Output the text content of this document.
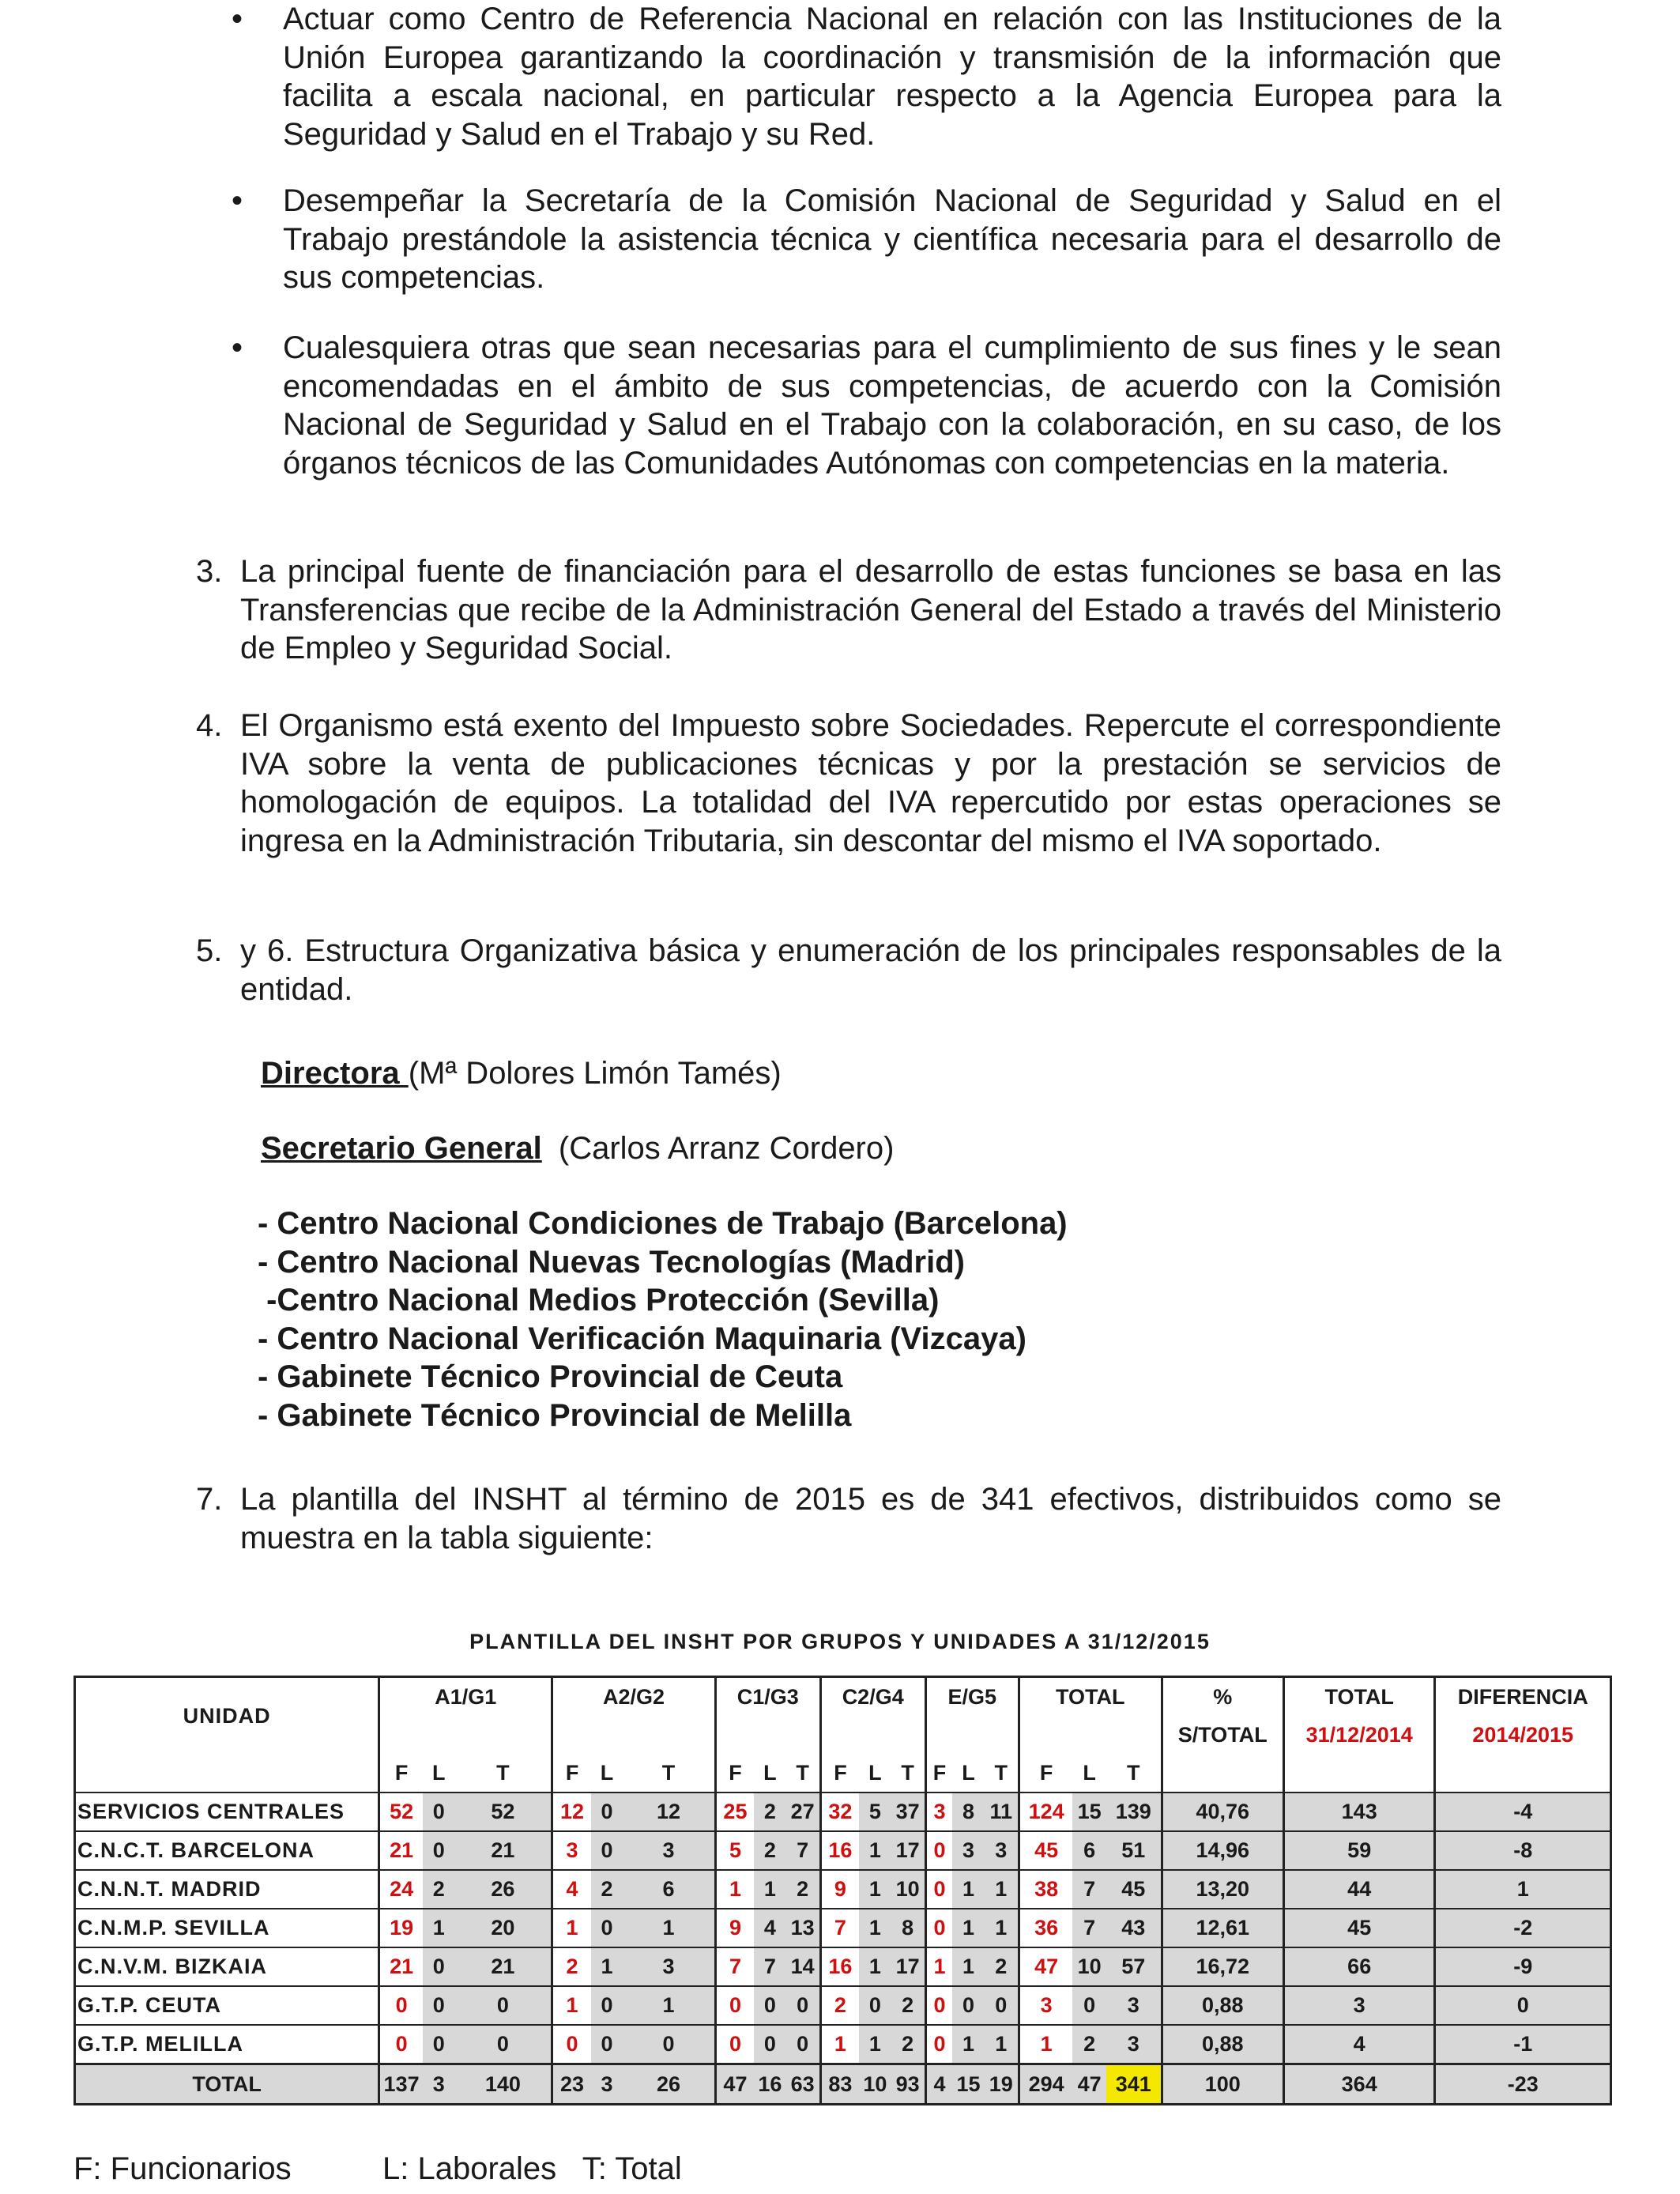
• Actuar como Centro de Referencia Nacional en relación con las Instituciones de la Unión Europea garantizando la coordinación y transmisión de la información que facilita a escala nacional, en particular respecto a la Agencia Europea para la Seguridad y Salud en el Trabajo y su Red.
• Desempeñar la Secretaría de la Comisión Nacional de Seguridad y Salud en el Trabajo prestándole la asistencia técnica y científica necesaria para el desarrollo de sus competencias.
• Cualesquiera otras que sean necesarias para el cumplimiento de sus fines y le sean encomendadas en el ámbito de sus competencias, de acuerdo con la Comisión Nacional de Seguridad y Salud en el Trabajo con la colaboración, en su caso, de los órganos técnicos de las Comunidades Autónomas con competencias en la materia.
3. La principal fuente de financiación para el desarrollo de estas funciones se basa en las Transferencias que recibe de la Administración General del Estado a través del Ministerio de Empleo y Seguridad Social.
4. El Organismo está exento del Impuesto sobre Sociedades. Repercute el correspondiente IVA sobre la venta de publicaciones técnicas y por la prestación se servicios de homologación de equipos. La totalidad del IVA repercutido por estas operaciones se ingresa en la Administración Tributaria, sin descontar del mismo el IVA soportado.
5. y 6. Estructura Organizativa básica y enumeración de los principales responsables de la entidad.
Directora (Mª Dolores Limón Tamés)
Secretario General (Carlos Arranz Cordero)
- Centro Nacional Condiciones de Trabajo (Barcelona)
- Centro Nacional Nuevas Tecnologías (Madrid)
-Centro Nacional Medios Protección (Sevilla)
- Centro Nacional Verificación Maquinaria (Vizcaya)
- Gabinete Técnico Provincial de Ceuta
- Gabinete Técnico Provincial de Melilla
7. La plantilla del INSHT al término de 2015 es de 341 efectivos, distribuidos como se muestra en la tabla siguiente:
PLANTILLA DEL INSHT POR GRUPOS Y UNIDADES A 31/12/2015
UNIDAD	A1/G1			A2/G2			C1/G3			C2/G4			E/G5			TOTAL			%	TOTAL	DIFERENCIA
																			S/TOTAL	31/12/2014	2014/2015
	F	L	T	F	L	T	F	L	T	F	L	T	F	L	T	F	L	T			
SERVICIOS CENTRALES	52	0	52	12	0	12	25	2	27	32	5	37	3	8	11	124	15	139	40,76	143	-4
C.N.C.T. BARCELONA	21	0	21	3	0	3	5	2	7	16	1	17	0	3	3	45	6	51	14,96	59	-8
C.N.N.T. MADRID	24	2	26	4	2	6	1	1	2	9	1	10	0	1	1	38	7	45	13,20	44	1
C.N.M.P. SEVILLA	19	1	20	1	0	1	9	4	13	7	1	8	0	1	1	36	7	43	12,61	45	-2
C.N.V.M. BIZKAIA	21	0	21	2	1	3	7	7	14	16	1	17	1	1	2	47	10	57	16,72	66	-9
G.T.P. CEUTA	0	0	0	1	0	1	0	0	0	2	0	2	0	0	0	3	0	3	0,88	3	0
G.T.P. MELILLA	0	0	0	0	0	0	0	0	0	1	1	2	0	1	1	1	2	3	0,88	4	-1
TOTAL	137	3	140	23	3	26	47	16	63	83	10	93	4	15	19	294	47	341	100	364	-23
F: Funcionarios	L: Laborales   T: Total
